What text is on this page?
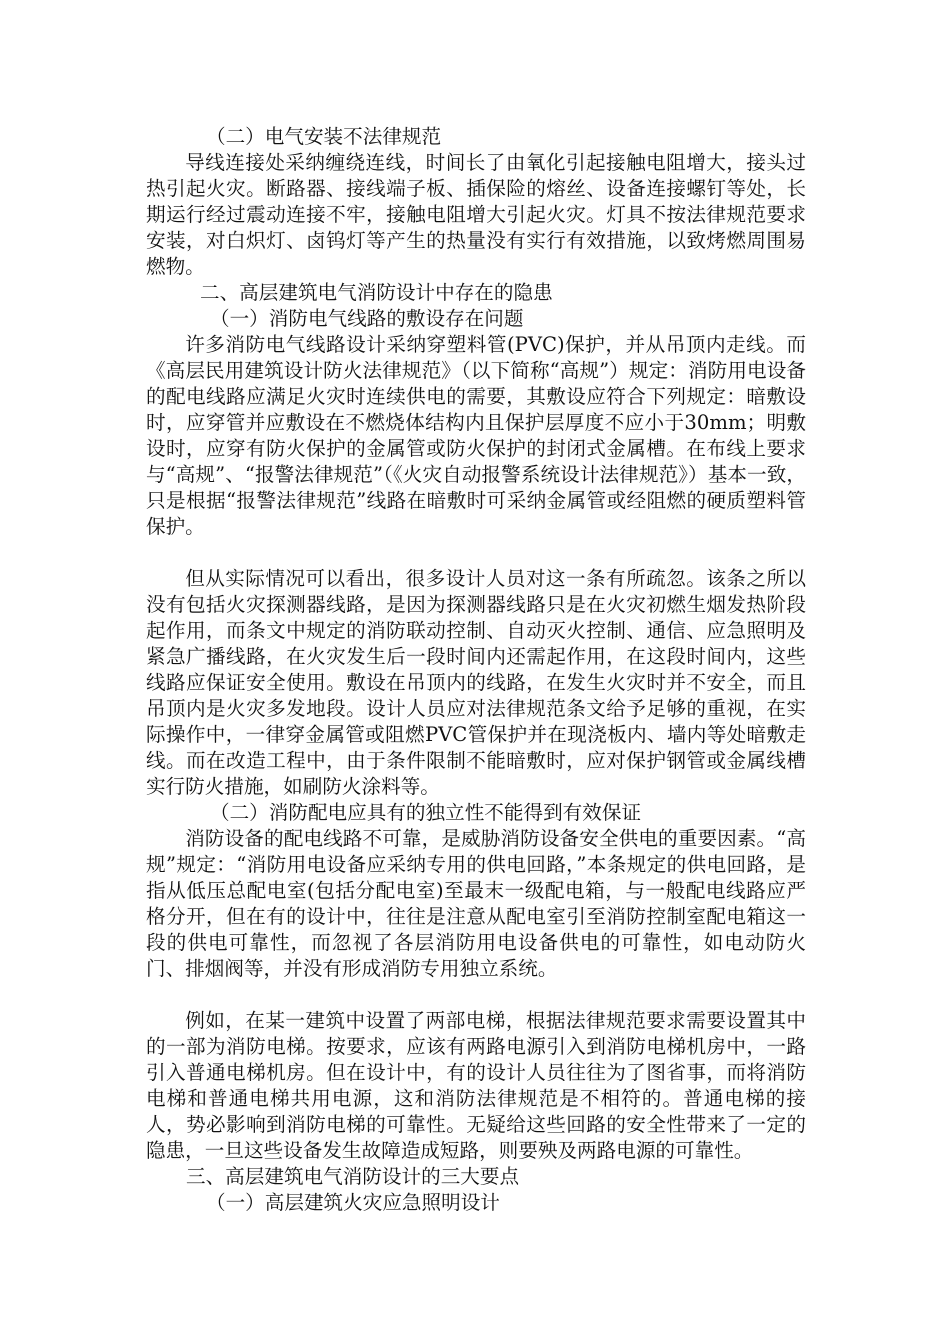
（二）电气安装不法律规范

导线连接处采纳缠绕连线，时间长了由氧化引起接触电阻增大，接头过热引起火灾。断路器、接线端子板、插保险的熔丝、设备连接螺钉等处，长期运行经过震动连接不牢，接触电阻增大引起火灾。灯具不按法律规范要求安装，对白炽灯、卤钨灯等产生的热量没有实行有效措施，以致烤燃周围易燃物。

二、高层建筑电气消防设计中存在的隐患
（一）消防电气线路的敷设存在问题

许多消防电气线路设计采纳穿塑料管(PVC)保护，并从吊顶内走线。而《高层民用建筑设计防火法律规范》（以下简称“高规”）规定：消防用电设备的配电线路应满足火灾时连续供电的需要，其敷设应符合下列规定：暗敷设时，应穿管并应敷设在不燃烧体结构内且保护层厚度不应小于30mm；明敷设时，应穿有防火保护的金属管或防火保护的封闭式金属槽。在布线上要求与“高规”、“报警法律规范”（《火灾自动报警系统设计法律规范》）基本一致，只是根据“报警法律规范”线路在暗敷时可采纳金属管或经阻燃的硬质塑料管保护。

但从实际情况可以看出，很多设计人员对这一条有所疏忽。该条之所以没有包括火灾探测器线路，是因为探测器线路只是在火灾初燃生烟发热阶段起作用，而条文中规定的消防联动控制、自动灭火控制、通信、应急照明及紧急广播线路，在火灾发生后一段时间内还需起作用，在这段时间内，这些线路应保证安全使用。敷设在吊顶内的线路，在发生火灾时并不安全，而且吊顶内是火灾多发地段。设计人员应对法律规范条文给予足够的重视，在实际操作中，一律穿金属管或阻燃PVC管保护并在现浇板内、墙内等处暗敷走线。而在改造工程中，由于条件限制不能暗敷时，应对保护钢管或金属线槽实行防火措施，如刷防火涂料等。

（二）消防配电应具有的独立性不能得到有效保证

消防设备的配电线路不可靠，是威胁消防设备安全供电的重要因素。“高规”规定：“消防用电设备应采纳专用的供电回路，”本条规定的供电回路，是指从低压总配电室(包括分配电室)至最末一级配电箱，与一般配电线路应严格分开，但在有的设计中，往往是注意从配电室引至消防控制室配电箱这一段的供电可靠性，而忽视了各层消防用电设备供电的可靠性，如电动防火门、排烟阀等，并没有形成消防专用独立系统。

例如，在某一建筑中设置了两部电梯，根据法律规范要求需要设置其中的一部为消防电梯。按要求，应该有两路电源引入到消防电梯机房中，一路引入普通电梯机房。但在设计中，有的设计人员往往为了图省事，而将消防电梯和普通电梯共用电源，这和消防法律规范是不相符的。普通电梯的接人，势必影响到消防电梯的可靠性。无疑给这些回路的安全性带来了一定的隐患，一旦这些设备发生故障造成短路，则要殃及两路电源的可靠性。

三、高层建筑电气消防设计的三大要点
（一）高层建筑火灾应急照明设计
